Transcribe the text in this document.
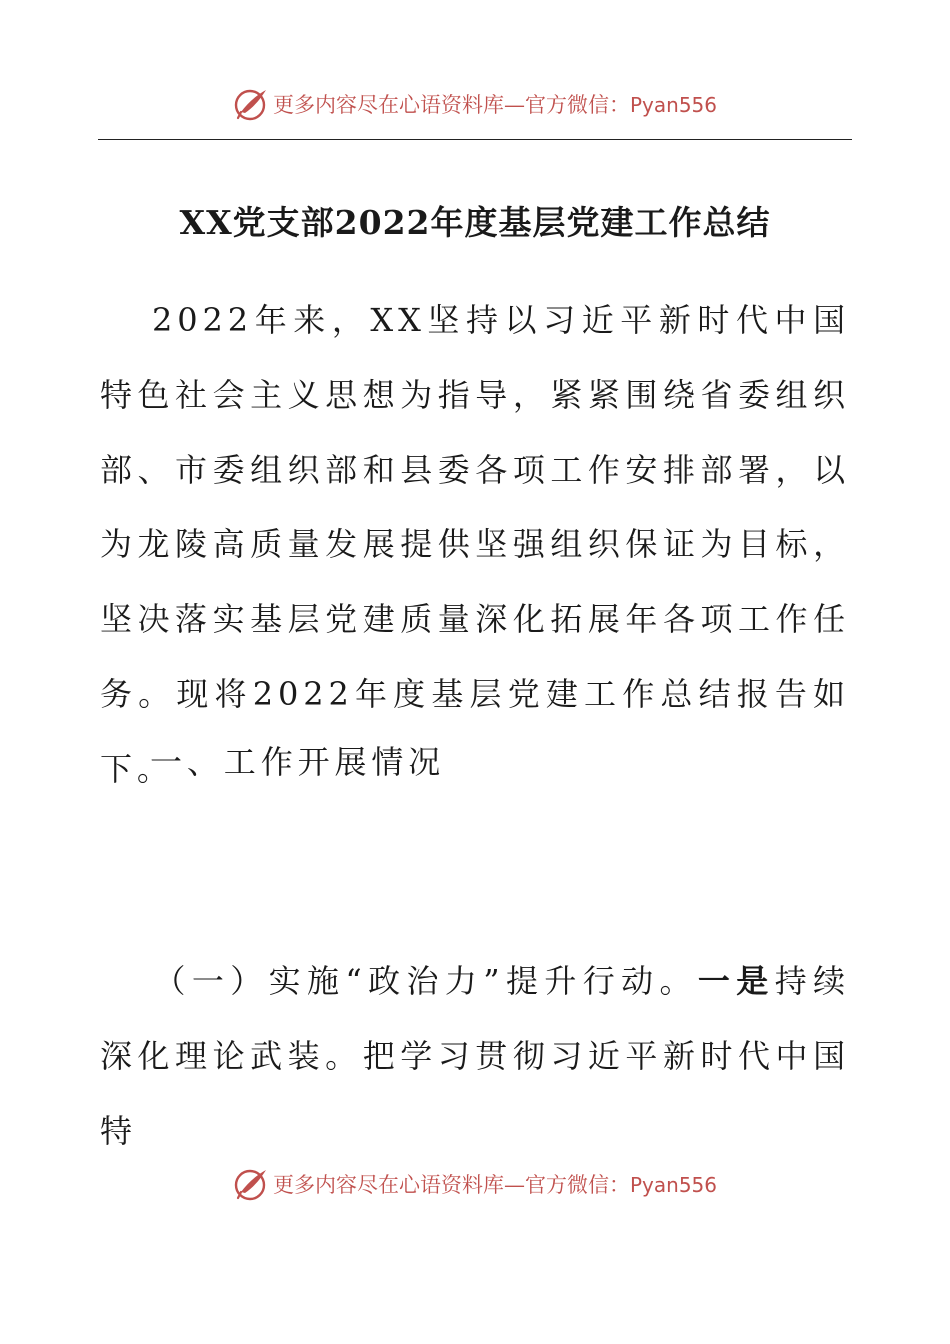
更多内容尽在心语资料库—官方微信：Pyan556
XX党支部2022年度基层党建工作总结

2022年来，XX坚持以习近平新时代中国特色社会主义思想为指导，紧紧围绕省委组织部、市委组织部和县委各项工作安排部署，以为龙陵高质量发展提供坚强组织保证为目标，坚决落实基层党建质量深化拓展年各项工作任务。现将2022年度基层党建工作总结报告如下。

一、工作开展情况

（一）实施“政治力”提升行动。一是持续深化理论武装。把学习贯彻习近平新时代中国特

更多内容尽在心语资料库—官方微信：Pyan556
